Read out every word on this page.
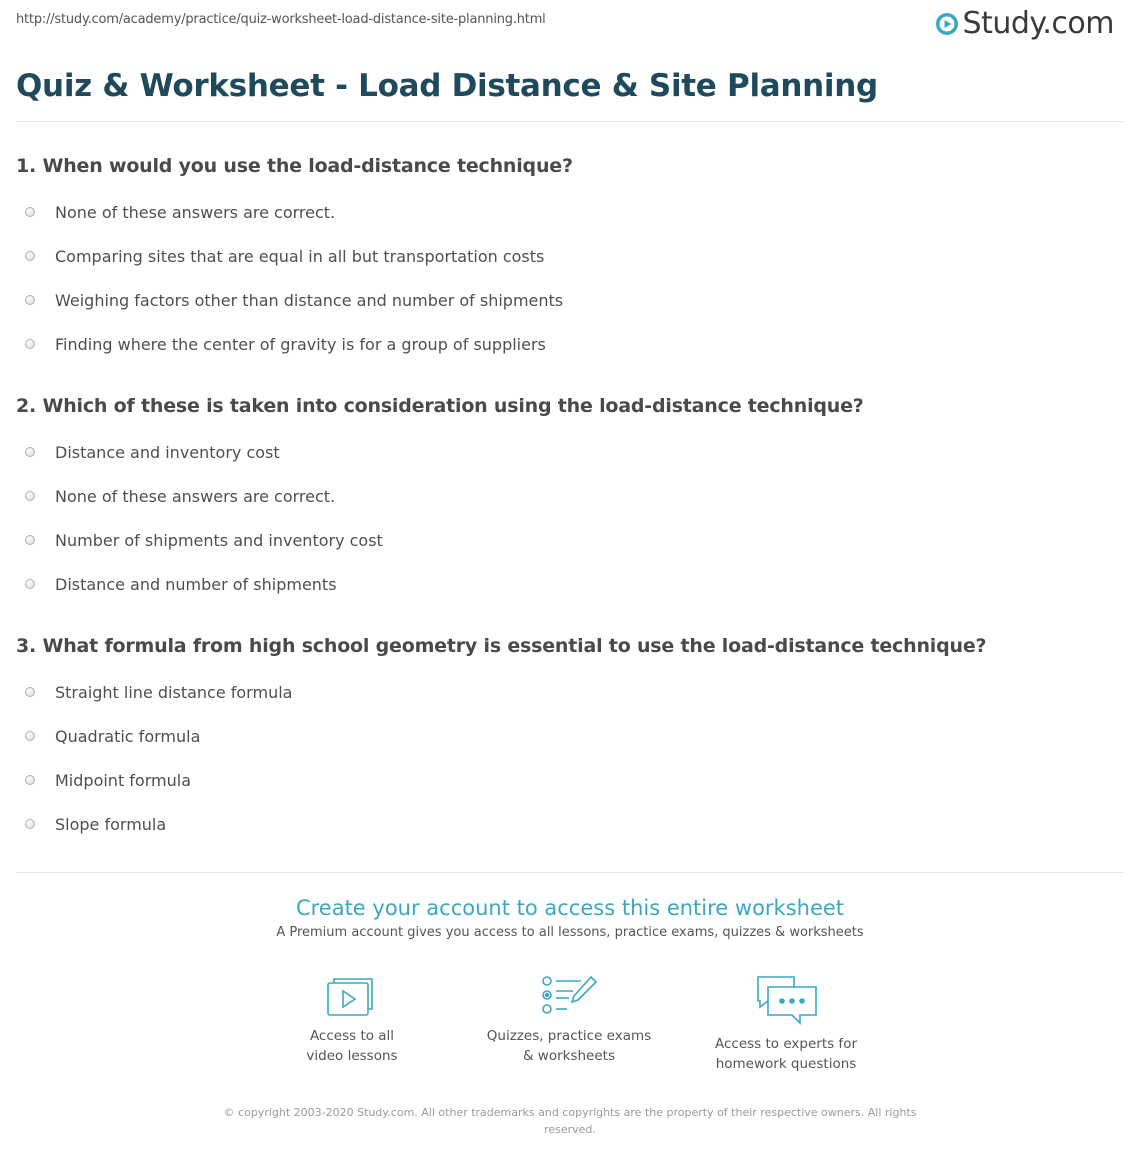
http://study.com/academy/practice/quiz-worksheet-load-distance-site-planning.html	Study.com
Quiz & Worksheet - Load Distance & Site Planning
1. When would you use the load-distance technique?
None of these answers are correct.
Comparing sites that are equal in all but transportation costs
Weighing factors other than distance and number of shipments
Finding where the center of gravity is for a group of suppliers
2. Which of these is taken into consideration using the load-distance technique?
Distance and inventory cost
None of these answers are correct.
Number of shipments and inventory cost
Distance and number of shipments
3. What formula from high school geometry is essential to use the load-distance technique?
Straight line distance formula
Quadratic formula
Midpoint formula
Slope formula

Create your account to access this entire worksheet

A Premium account gives you access to all lessons, practice exams, quizzes & worksheets
Access to all
video lessons
Quizzes, practice exams
& worksheets
Access to experts for
homework questions
© copyright 2003-2020 Study.com. All other trademarks and copyrights are the property of their respective owners. All rights reserved.
